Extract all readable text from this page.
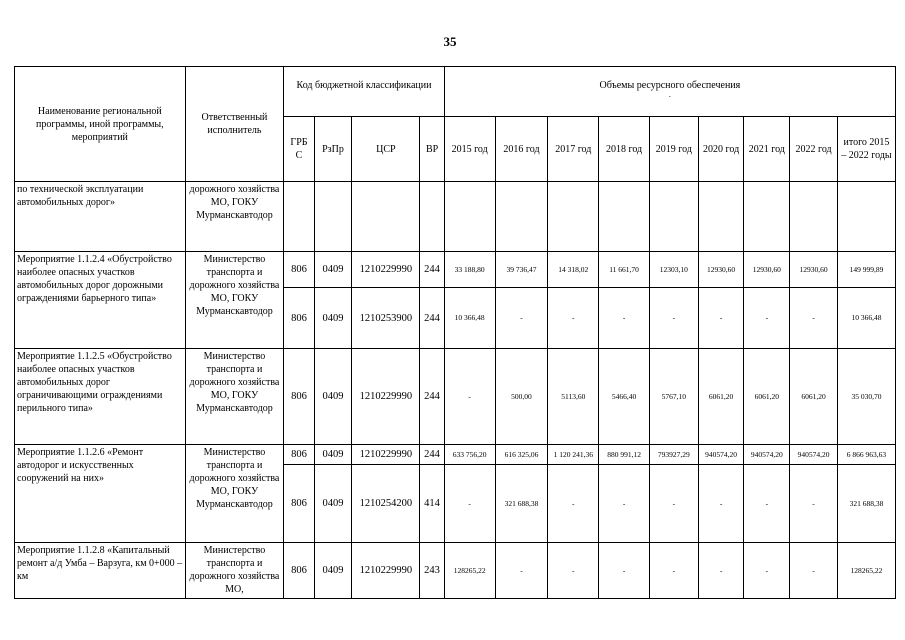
35
Наименование региональной программы, иной программы, мероприятий	Ответственный исполнитель	Код бюджетной классификации				Объемы ресурсного обеспечения
.								

		ГРБ С	РзПр	ЦСР	ВР	2015 год	2016 год	2017 год	2018 год	2019 год	2020 год	2021 год	2022 год	итого 2015 – 2022 годы
по технической эксплуатации автомобильных дорог»	дорожного хозяйства МО, ГОКУ Мурманскавтодор													
Мероприятие 1.1.2.4 «Обустройство наиболее опасных участков автомобильных дорог дорожными ограждениями барьерного типа»	Министерство транспорта и дорожного хозяйства МО, ГОКУ Мурманскавтодор	806	0409	1210229990	244	33 188,80	39 736,47	14 318,02	11 661,70	12303,10	12930,60	12930,60	12930,60	149 999,89
		806	0409	1210253900	244	10 366,48	-	-	-	-	-	-	-	10 366,48
Мероприятие 1.1.2.5 «Обустройство наиболее опасных участков автомобильных дорог ограничивающими ограждениями перильного типа»	Министерство транспорта и дорожного хозяйства МО, ГОКУ Мурманскавтодор	806	0409	1210229990	244	-	500,00	5113,60	5466,40	5767,10	6061,20	6061,20	6061,20	35 030,70
Мероприятие 1.1.2.6 «Ремонт автодорог и искусственных сооружений на них»	Министерство транспорта и дорожного хозяйства МО, ГОКУ Мурманскавтодор	806	0409	1210229990	244	633 756,20	616 325,06	1 120 241,36	880 991,12	793927,29	940574,20	940574,20	940574,20	6 866 963,63
		806	0409	1210254200	414	-	321 688,38	-	-	-	-	-	-	321 688,38
Мероприятие 1.1.2.8 «Капитальный ремонт а/д Умба – Варзуга, км 0+000 – км	Министерство транспорта и дорожного хозяйства МО,	806	0409	1210229990	243	128265,22	-	-	-	-	-	-	-	128265,22
